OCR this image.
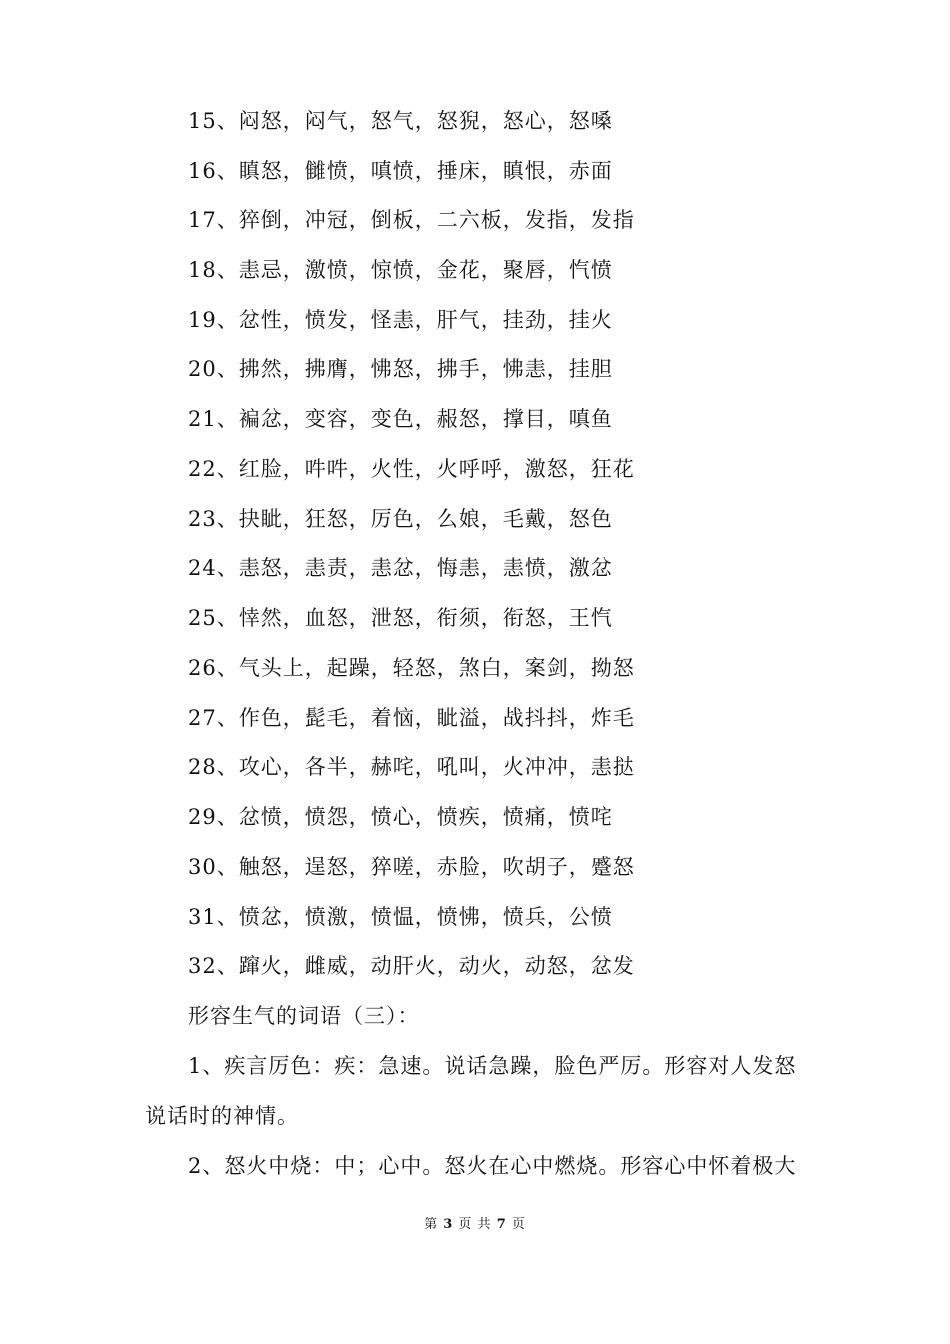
15、闷怒，闷气，怒气，怒猊，怒心，怒嗓
16、瞋怒，雠愤，嗔愤，捶床，瞋恨，赤面
17、猝倒，冲冠，倒板，二六板，发指，发指
18、恚忌，激愤，惊愤，金花，聚唇，忾愤
19、忿性，愤发，怪恚，肝气，挂劲，挂火
20、拂然，拂膺，怫怒，拂手，怫恚，挂胆
21、褊忿，变容，变色，赧怒，撑目，嗔鱼
22、红脸，吽吽，火性，火呼呼，激怒，狂花
23、抉眦，狂怒，厉色，么娘，毛戴，怒色
24、恚怒，恚责，恚忿，悔恚，恚愤，激忿
25、悻然，血怒，泄怒，衔须，衔怒，王忾
26、气头上，起躁，轻怒，煞白，案剑，拗怒
27、作色，髭毛，着恼，眦溢，战抖抖，炸毛
28、攻心，各半，赫咤，吼叫，火冲冲，恚挞
29、忿愤，愤怨，愤心，愤疾，愤痛，愤咤
30、触怒，逞怒，猝嗟，赤脸，吹胡子，蹙怒
31、愤忿，愤激，愤愠，愤怫，愤兵，公愤
32、蹿火，雌威，动肝火，动火，动怒，忿发
形容生气的词语（三）：
1、疾言厉色：疾：急速。说话急躁，脸色严厉。形容对人发怒说话时的神情。
2、怒火中烧：中；心中。怒火在心中燃烧。形容心中怀着极大
第 3 页 共 7 页
